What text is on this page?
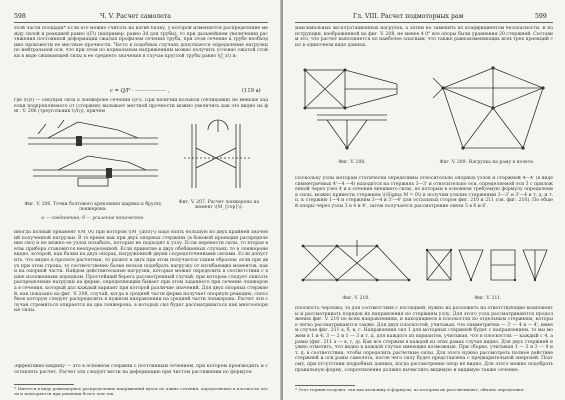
598	Ч. V. Расчет самолета
этой части площади* Если его можно считать на изгиб балку, у которой изменяется распределение между силой и реакцией равно \(F\) (например, равно 3d для трубы), то при дальнейшем увеличении растяжения постоянной деформации сжатия профилем сечения труба, при этом сечение к трубе необходимо произвести ее местные прочности. Часто в подобных случаях допускается определение нагрузки по нейтральной оси, что при этом по нормальным напряжениям можно получить условно сжатой стойки в виде сжимающей силы к ее среднего значения в случае круглой трубы равно \(J_x\) и:
с = Q/F · —————— ,	(119 а)
где \(Q\) — секущая сила в лонжероне сечения \(F\). При наличии косынок (облицовки) не меньше заделки подкрепляемого от (стержня) вызывает местной прочности можно увеличить как это видно на фиг. V. 206 (треугольник \(A\)), причем
Фиг. V. 206. Точки болтового крепления шарика к бруску лонжерона.
а — соединение; б — усиление коническое.
Фиг. V. 207. Расчет лонжерона на момент \(M_{гор}\).
иногда полный орнамент \(M_0\) при котором \(M_{доп}\) надо взять большую из двух крайней значений полученной нагрузки. В то время как при двух опорных стержнях (в боковой проекции распределение сил) и не можно ее узлах позабыть, которые не подходят к узлу. Если перенести силы, то вторая ветвь прибора становится неопределенной. Если принятие в двух обобщенных случаях, то в лонжероне видно, которой, как балки на двух опорах, нагруженной двумя сосредоточенными силами. Если допустить, что видно в пролете расчетная, то разнос в двух при этом получается таким образом: если при двух при этом строка, то соответственно балке нельзя подобрать нагрузку от изгибающих моментов, как и на опорной части. Найдем действительные нагрузки, которые можно определить в соответствии с выше изложенным порядком. Простейший берега рассмотренный случай, при котором следует описать распределение нагрузки на ферме, определяющим бывает при этом заданного при сечение лонжерона в сечения, который дал каждый вариант при которой различие значений. Для двух опорных стержней, как показано на фиг. V. 208, случай, когда в средней части ферма получает опорную реакцию, способное которую следует распределить в нужном направлении на средней части лонжерона. Расчет эти случаи стремиться опирается на два лонжерона, в которых сил будет рассматриваться как многоопорные силы.
Эффективно-ширину — это в основном стержни с постоянным сечением, при котором производить и составлять расчет. Расчет эти следует вести на деформацию при чистом растяжении по формуле.
* Имеется в виду равномерное распределение напряжений вдоль по длине сечения, определяемое в плоскости части и повторяется при решении более чем так.
Гл. VIII. Расчет подмоторных рам	599
максимальных эксплуатационных нагрузок, а затем но заменить их коэффициентом безопасности. В конструкции, изображенной на фиг. V. 208, не менее 4 0° все опоры были уравнения 20 стержней. Составим это, что расчет выполняется по наиболее опасным, что также равноизменяющих всех трех проекций сил в одиночном виде данных.
Фиг. V. 208.	Фиг. V. 209. Нагрузка на раму в полете.
Поскольку узлы моторам статически определимы относительно опорных узлов и стержней 4—4' (в виде симметричных 4'—4 —4) находится на стержнях 3—3' и относительно оси, определяемой оси 3 с приложенной через узел 4 и к сечения внешнего силы, по которым в основном требуемую формулу определения силы, можно привести стержнем \(\Sigma M = 0\) и получим усилия стержнями 3—3' и 3'—4 и т. д. и т. п. к стержню 1—4 и стержням 3—4 и 3'—4' для остальных сторон фиг. 210 и 211 (см. фиг. 210). По общей опоры через узлы 3 в 4 и 4', затем получается рассмотрение связи 5 в 6 и 6'.
Фиг. V. 210.	Фиг. V. 211.
плоскость чертежа, то для соответствия с последней, нужно их разложить на ответствующие компоненты и рассматривать порядок их направления по стержням узлу. Для этого узла рассматриваются продолжения фиг. V. 210 по всем направлениям, и находящиеся в плоскостях по отдельным стержням, которые легко рассматриваются также. Для двух плоскостей, учитывая, что симметрична — 3' — 4 и — 4', имеем случая фиг. 211 а, б, в, г. Направления сил 1 для моторных стержней будет с направлением, то мы можем в 1 и 4, 3 — 2 и 1 — 3 и т. д. для каждого из вариантов, учитывая, что в плоскостях — каждый с 4, а рамы (фиг. 211 а — в, г, д). Как все стержни в каждой из этих рамах случае видно. Для двух стержней нужно отметить, что видна в каждой случае имеющих возможные. При сборке, учитывая 1 — 3 и 3 — 4 и т. д. в соответствии, чтобы определить расчетные силы. Для этого нужно рассмотреть полное действие стержней и оси рамы самолета, после чего силу будет представлена с предварительной энергией. Поэтому, при отсутствии подробных данных, когда рассмотрение опор не видно. Для этого можно подобрать правильную форму, сопротивление должно вычислить видимую и видимую также сечение.
* Этот термин получил, так как величину и формулы, по которым их рассчитывают, обычно определяют.
